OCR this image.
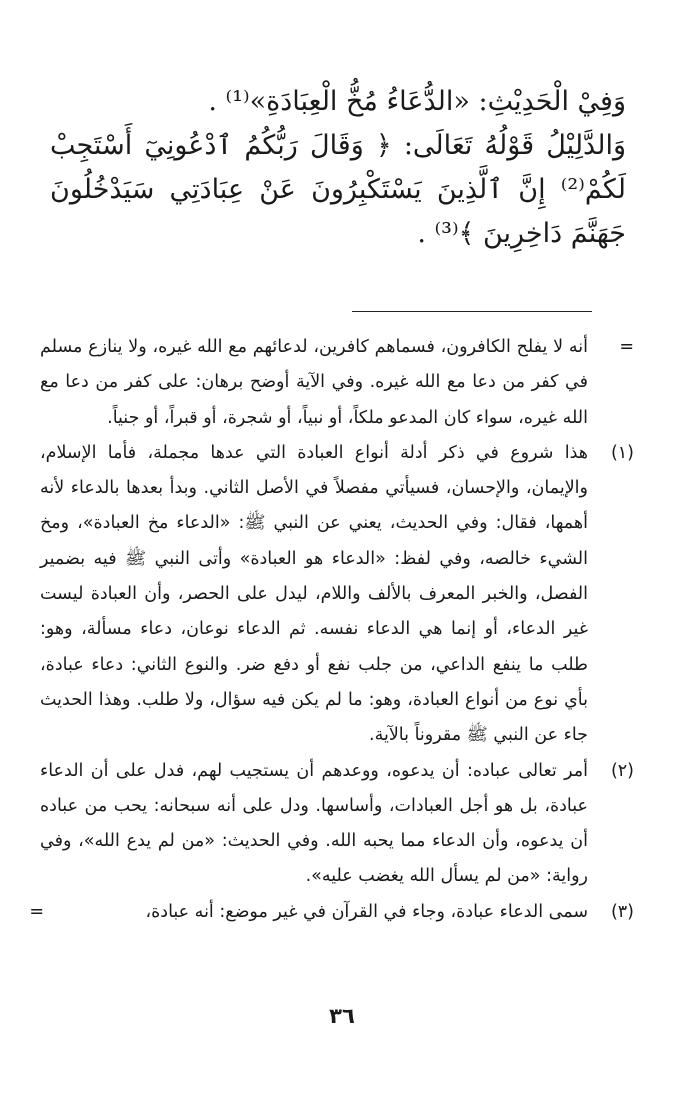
وَفِيْ الْحَدِيْثِ: «الدُّعَاءُ مُخُّ الْعِبَادَةِ»⁽¹⁾ .

وَالدَّلِيْلُ قَوْلُهُ تَعَالَى: ﴿ وَقَالَ رَبُّكُمُ ٱدْعُونِيٓ أَسْتَجِبْ لَكُمْ⁽²⁾ إِنَّ ٱلَّذِينَ يَسْتَكْبِرُونَ عَنْ عِبَادَتِي سَيَدْخُلُونَ جَهَنَّمَ دَاخِرِينَ ﴾⁽³⁾ .

=
أنه لا يفلح الكافرون، فسماهم كافرين، لدعائهم مع الله غيره، ولا ينازع مسلم في كفر من دعا مع الله غيره. وفي الآية أوضح برهان: على كفر من دعا مع الله غيره، سواء كان المدعو ملكاً، أو نبياً، أو شجرة، أو قبراً، أو جنياً.
(١)
هذا شروع في ذكر أدلة أنواع العبادة التي عدها مجملة، فأما الإسلام، والإيمان، والإحسان، فسيأتي مفصلاً في الأصل الثاني. وبدأ بعدها بالدعاء لأنه أهمها، فقال: وفي الحديث، يعني عن النبي ﷺ: «الدعاء مخ العبادة»، ومخ الشيء خالصه، وفي لفظ: «الدعاء هو العبادة» وأتى النبي ﷺ فيه بضمير الفصل، والخبر المعرف بالألف واللام، ليدل على الحصر، وأن العبادة ليست غير الدعاء، أو إنما هي الدعاء نفسه. ثم الدعاء نوعان، دعاء مسألة، وهو: طلب ما ينفع الداعي، من جلب نفع أو دفع ضر. والنوع الثاني: دعاء عبادة، بأي نوع من أنواع العبادة، وهو: ما لم يكن فيه سؤال، ولا طلب. وهذا الحديث جاء عن النبي ﷺ مقروناً بالآية.
(٢)
أمر تعالى عباده: أن يدعوه، ووعدهم أن يستجيب لهم، فدل على أن الدعاء عبادة، بل هو أجل العبادات، وأساسها. ودل على أنه سبحانه: يحب من عباده أن يدعوه، وأن الدعاء مما يحبه الله. وفي الحديث: «من لم يدع الله»، وفي رواية: «من لم يسأل الله يغضب عليه».
(٣)
سمى الدعاء عبادة، وجاء في القرآن في غير موضع: أنه عبادة،
=
٣٦
